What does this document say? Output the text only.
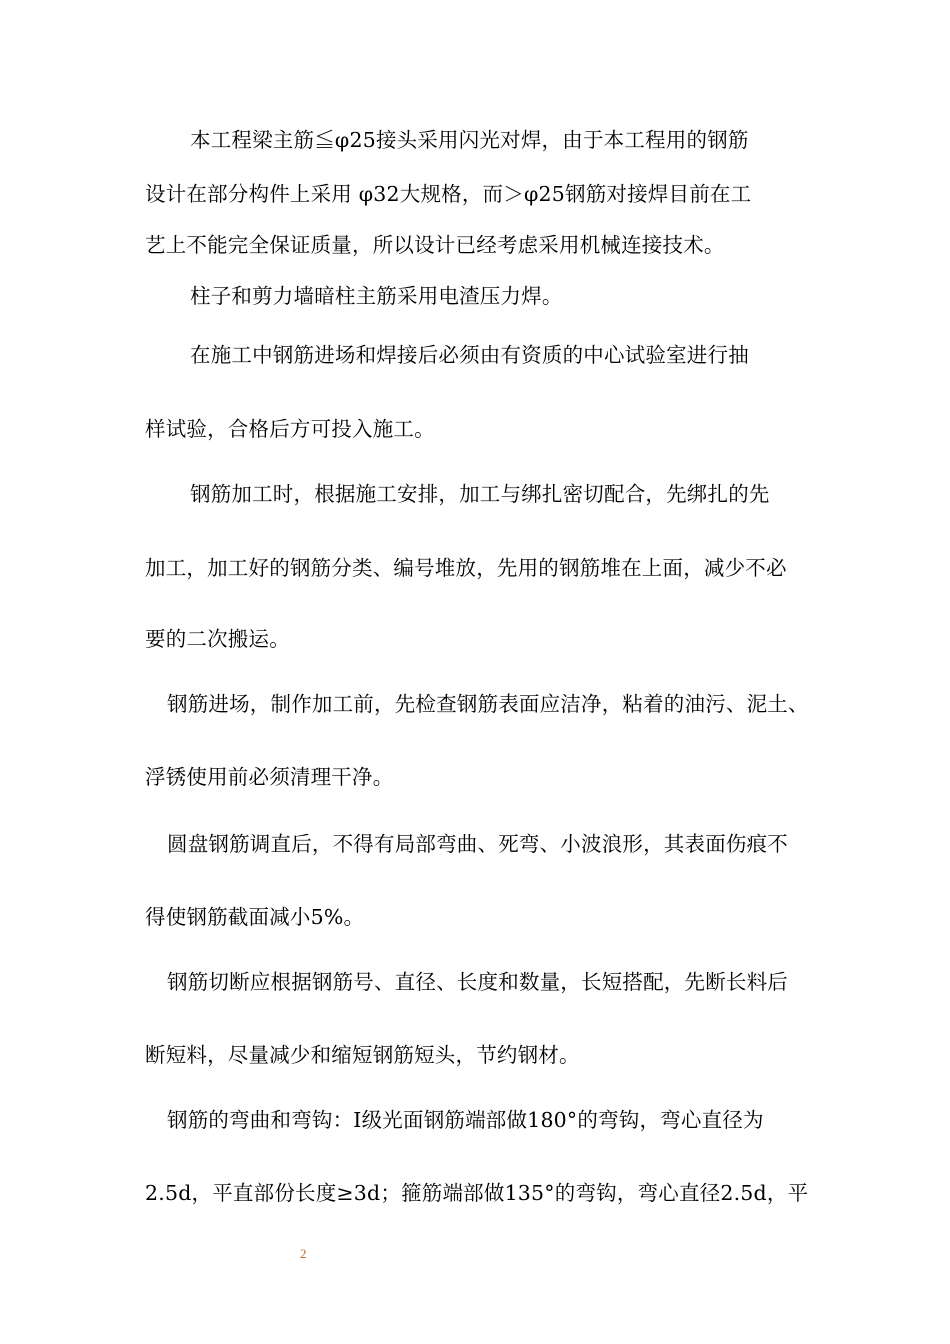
本工程梁主筋≦φ25接头采用闪光对焊，由于本工程用的钢筋
设计在部分构件上采用 φ32大规格，而＞φ25钢筋对接焊目前在工
艺上不能完全保证质量，所以设计已经考虑采用机械连接技术。
柱子和剪力墙暗柱主筋采用电渣压力焊。
在施工中钢筋进场和焊接后必须由有资质的中心试验室进行抽
样试验，合格后方可投入施工。
钢筋加工时，根据施工安排，加工与绑扎密切配合，先绑扎的先
加工，加工好的钢筋分类、编号堆放，先用的钢筋堆在上面，减少不必
要的二次搬运。
钢筋进场，制作加工前，先检查钢筋表面应洁净，粘着的油污、泥土、
浮锈使用前必须清理干净。
圆盘钢筋调直后，不得有局部弯曲、死弯、小波浪形，其表面伤痕不
得使钢筋截面减小5%。
钢筋切断应根据钢筋号、直径、长度和数量，长短搭配，先断长料后
断短料，尽量减少和缩短钢筋短头，节约钢材。
钢筋的弯曲和弯钩：I级光面钢筋端部做180°的弯钩，弯心直径为
2.5d，平直部份长度≥3d；箍筋端部做135°的弯钩，弯心直径2.5d，平
2
